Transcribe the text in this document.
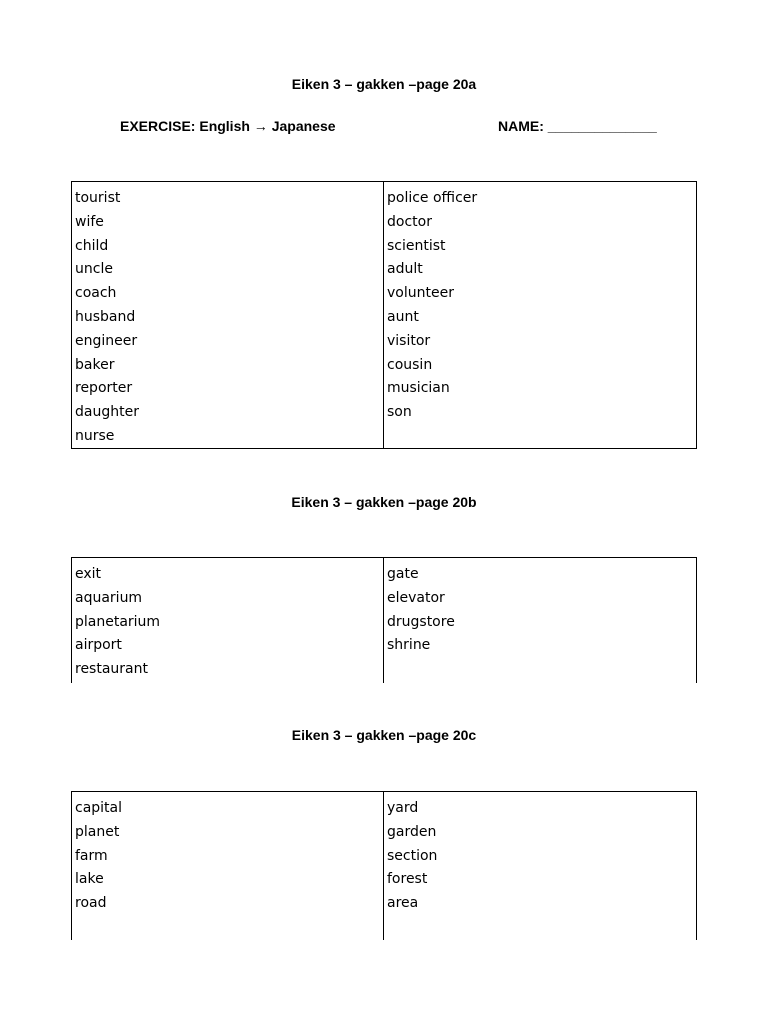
Eiken 3 – gakken –page 20a
EXERCISE: English → Japanese	NAME: ______________
tourist
wife
child
uncle
coach
husband
engineer
baker
reporter
daughter
nurse
police officer
doctor
scientist
adult
volunteer
aunt
visitor
cousin
musician
son
Eiken 3 – gakken –page 20b
exit
aquarium
planetarium
airport
restaurant
gate
elevator
drugstore
shrine
Eiken 3 – gakken –page 20c
capital
planet
farm
lake
road
yard
garden
section
forest
area
